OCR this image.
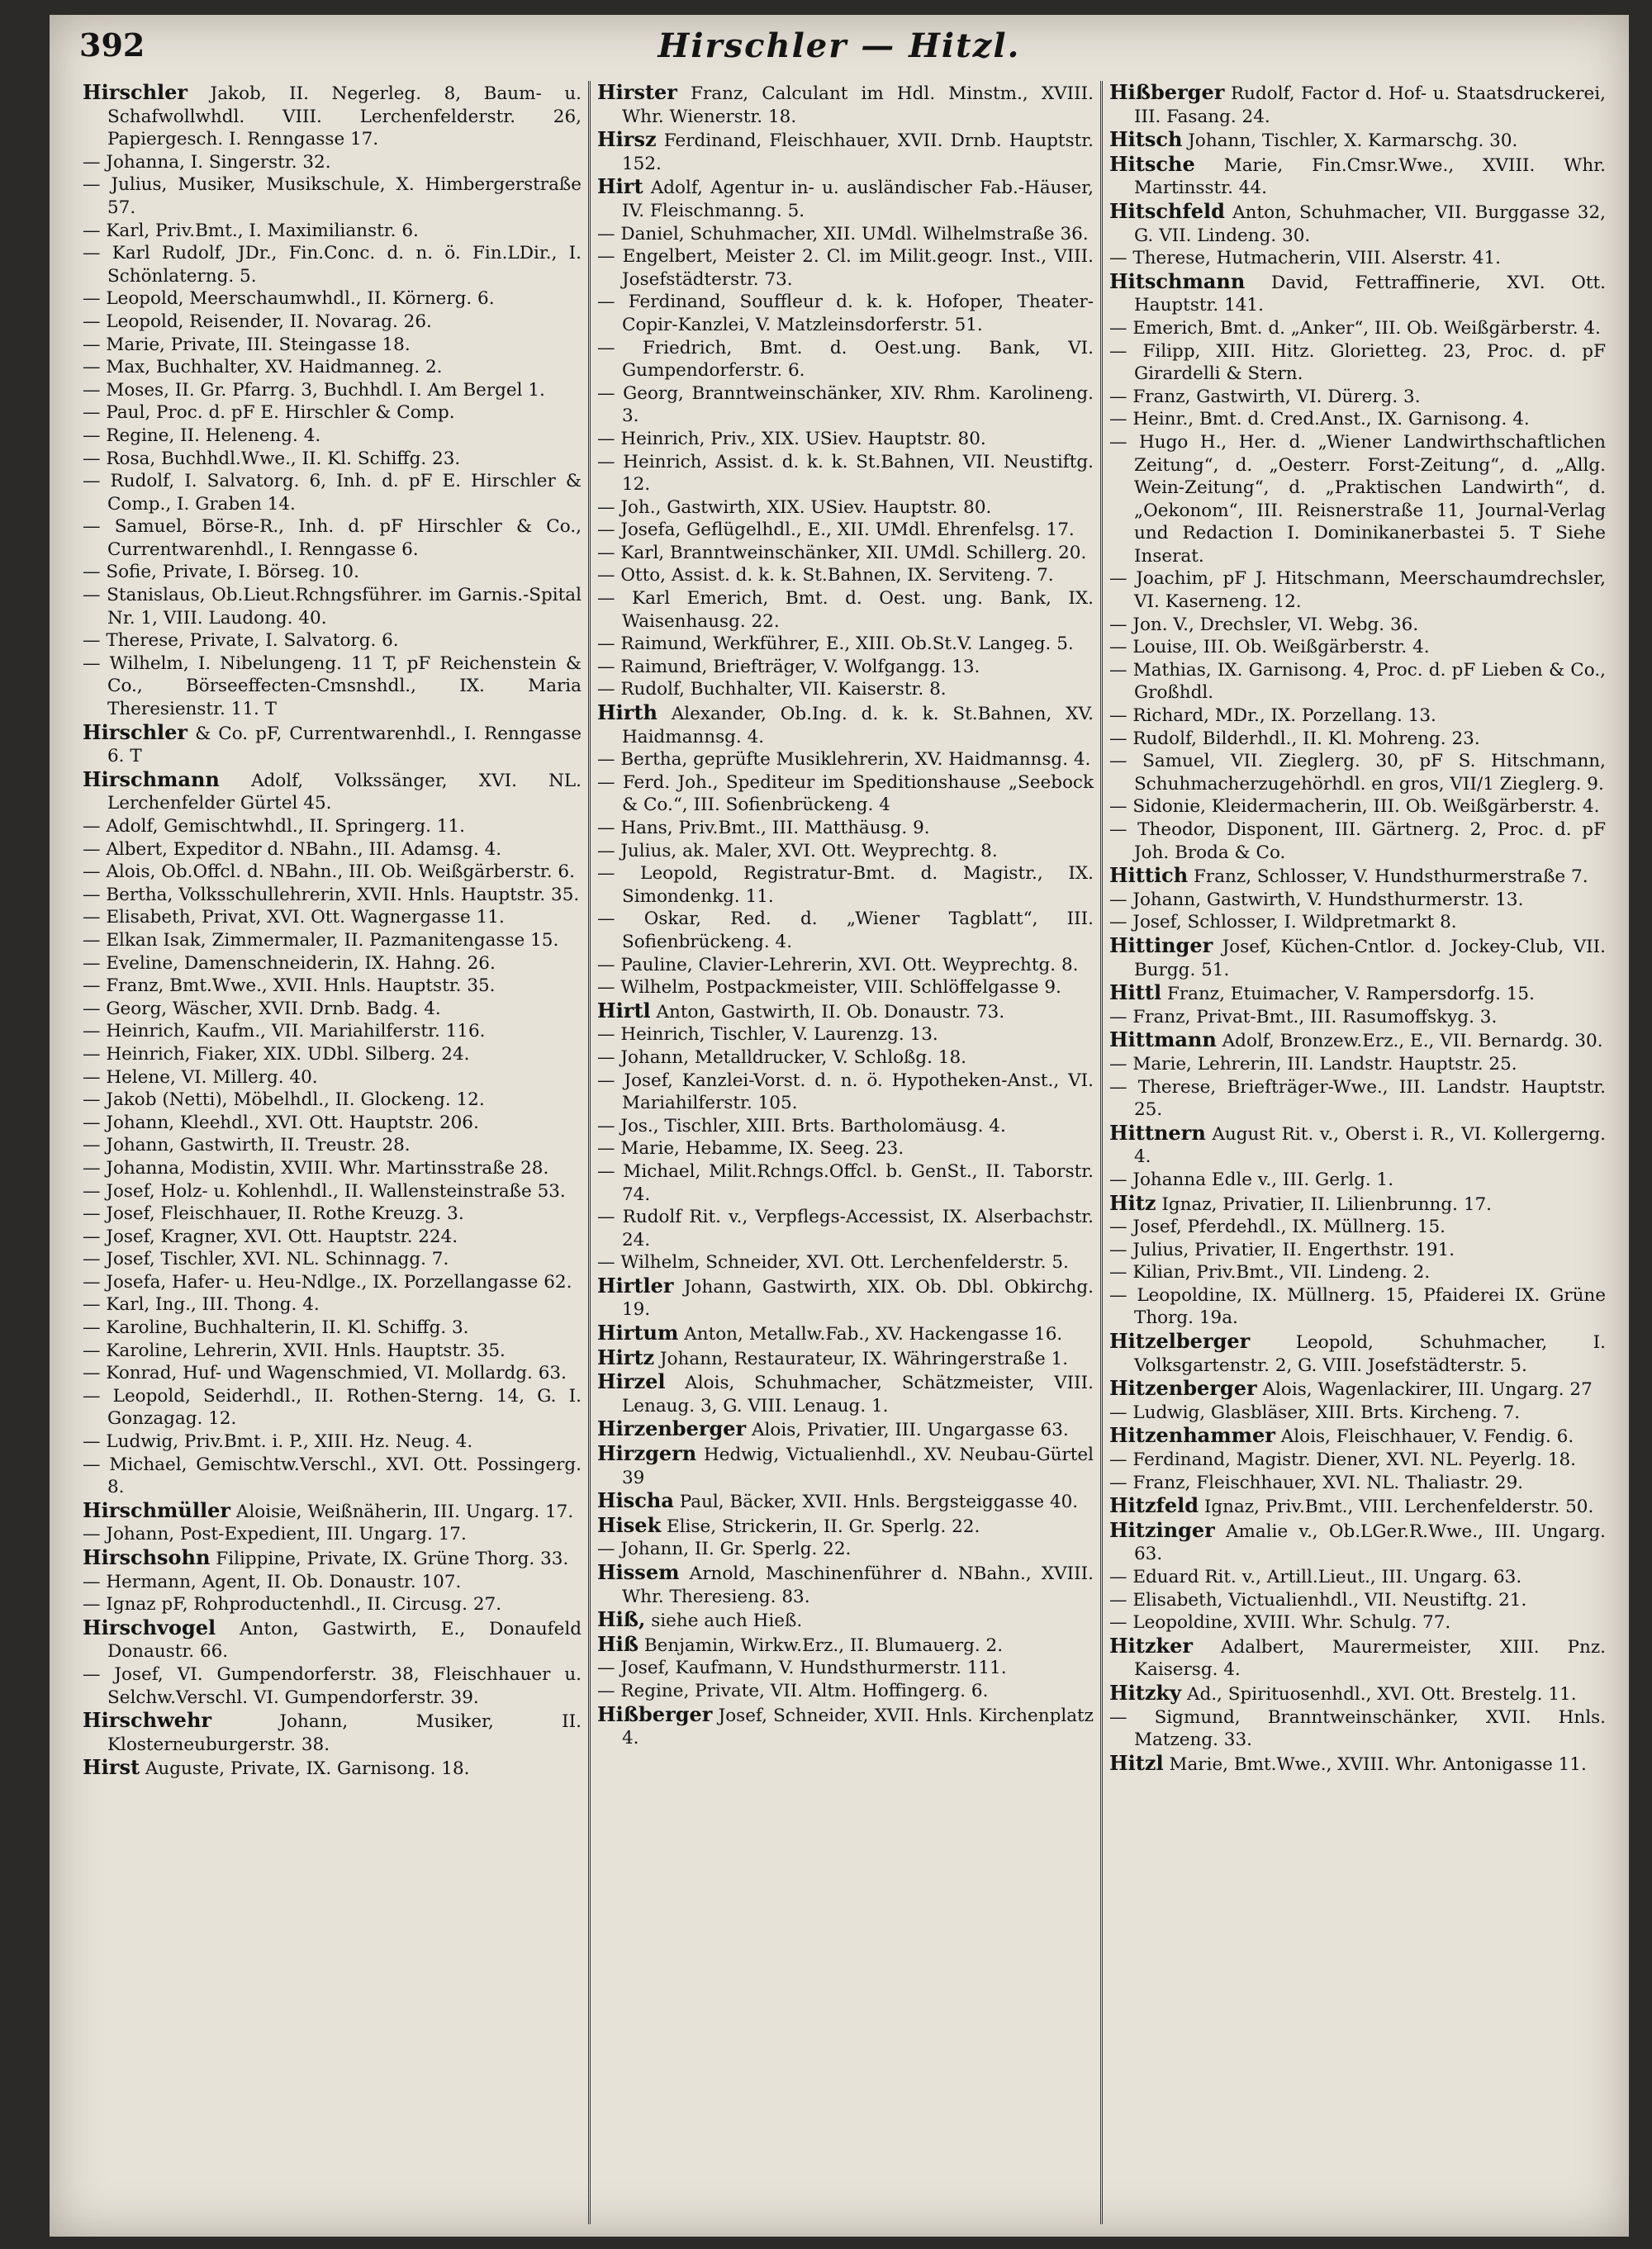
392	Hirschler — Hitzl.

Hirschler Jakob, II. Negerleg. 8, Baum- u. Schafwollwhdl. VIII. Lerchenfelderstr. 26, Papiergesch. I. Renngasse 17.

— Johanna, I. Singerstr. 32.

— Julius, Musiker, Musikschule, X. Himbergerstraße 57.

— Karl, Priv.Bmt., I. Maximilianstr. 6.

— Karl Rudolf, JDr., Fin.Conc. d. n. ö. Fin.LDir., I. Schönlaterng. 5.

— Leopold, Meerschaumwhdl., II. Körnerg. 6.

— Leopold, Reisender, II. Novarag. 26.

— Marie, Private, III. Steingasse 18.

— Max, Buchhalter, XV. Haidmanneg. 2.

— Moses, II. Gr. Pfarrg. 3, Buchhdl. I. Am Bergel 1.

— Paul, Proc. d. pF E. Hirschler & Comp.

— Regine, II. Heleneng. 4.

— Rosa, Buchhdl.Wwe., II. Kl. Schiffg. 23.

— Rudolf, I. Salvatorg. 6, Inh. d. pF E. Hirschler & Comp., I. Graben 14.

— Samuel, Börse-R., Inh. d. pF Hirschler & Co., Currentwarenhdl., I. Renngasse 6.

— Sofie, Private, I. Börseg. 10.

— Stanislaus, Ob.Lieut.Rchngsführer. im Garnis.-Spital Nr. 1, VIII. Laudong. 40.

— Therese, Private, I. Salvatorg. 6.

— Wilhelm, I. Nibelungeng. 11 T, pF Reichenstein & Co., Börseeffecten-Cmsnshdl., IX. Maria Theresienstr. 11. T

Hirschler & Co. pF, Currentwarenhdl., I. Renngasse 6. T

Hirschmann Adolf, Volkssänger, XVI. NL. Lerchenfelder Gürtel 45.

— Adolf, Gemischtwhdl., II. Springerg. 11.

— Albert, Expeditor d. NBahn., III. Adamsg. 4.

— Alois, Ob.Offcl. d. NBahn., III. Ob. Weißgärberstr. 6.

— Bertha, Volksschullehrerin, XVII. Hnls. Hauptstr. 35.

— Elisabeth, Privat, XVI. Ott. Wagnergasse 11.

— Elkan Isak, Zimmermaler, II. Pazmanitengasse 15.

— Eveline, Damenschneiderin, IX. Hahng. 26.

— Franz, Bmt.Wwe., XVII. Hnls. Hauptstr. 35.

— Georg, Wäscher, XVII. Drnb. Badg. 4.

— Heinrich, Kaufm., VII. Mariahilferstr. 116.

— Heinrich, Fiaker, XIX. UDbl. Silberg. 24.

— Helene, VI. Millerg. 40.

— Jakob (Netti), Möbelhdl., II. Glockeng. 12.

— Johann, Kleehdl., XVI. Ott. Hauptstr. 206.

— Johann, Gastwirth, II. Treustr. 28.

— Johanna, Modistin, XVIII. Whr. Martinsstraße 28.

— Josef, Holz- u. Kohlenhdl., II. Wallensteinstraße 53.

— Josef, Fleischhauer, II. Rothe Kreuzg. 3.

— Josef, Kragner, XVI. Ott. Hauptstr. 224.

— Josef, Tischler, XVI. NL. Schinnagg. 7.

— Josefa, Hafer- u. Heu-Ndlge., IX. Porzellangasse 62.

— Karl, Ing., III. Thong. 4.

— Karoline, Buchhalterin, II. Kl. Schiffg. 3.

— Karoline, Lehrerin, XVII. Hnls. Hauptstr. 35.

— Konrad, Huf- und Wagenschmied, VI. Mollardg. 63.

— Leopold, Seiderhdl., II. Rothen-Sterng. 14, G. I. Gonzagag. 12.

— Ludwig, Priv.Bmt. i. P., XIII. Hz. Neug. 4.

— Michael, Gemischtw.Verschl., XVI. Ott. Possingerg. 8.

Hirschmüller Aloisie, Weißnäherin, III. Ungarg. 17.

— Johann, Post-Expedient, III. Ungarg. 17.

Hirschsohn Filippine, Private, IX. Grüne Thorg. 33.

— Hermann, Agent, II. Ob. Donaustr. 107.

— Ignaz pF, Rohproductenhdl., II. Circusg. 27.

Hirschvogel Anton, Gastwirth, E., Donaufeld Donaustr. 66.

— Josef, VI. Gumpendorferstr. 38, Fleischhauer u. Selchw.Verschl. VI. Gumpendorferstr. 39.

Hirschwehr	Johann, Musiker, II. Klosterneuburgerstr. 38.

Hirst Auguste, Private, IX. Garnisong. 18.

Hirster Franz, Calculant im Hdl. Minstm., XVIII. Whr. Wienerstr. 18.

Hirsz Ferdinand, Fleischhauer, XVII. Drnb. Hauptstr. 152.

Hirt Adolf, Agentur in- u. ausländischer Fab.-Häuser, IV. Fleischmanng. 5.

— Daniel, Schuhmacher, XII. UMdl. Wilhelmstraße 36.

— Engelbert, Meister 2. Cl. im Milit.geogr. Inst., VIII. Josefstädterstr. 73.

— Ferdinand, Souffleur d. k. k. Hofoper, Theater-Copir-Kanzlei, V. Matzleinsdorferstr. 51.

— Friedrich, Bmt. d. Oest.ung. Bank, VI. Gumpendorferstr. 6.

— Georg, Branntweinschänker, XIV. Rhm. Karolineng. 3.

— Heinrich, Priv., XIX. USiev. Hauptstr. 80.

— Heinrich, Assist. d. k. k. St.Bahnen, VII. Neustiftg. 12.

— Joh., Gastwirth, XIX. USiev. Hauptstr. 80.

— Josefa, Geflügelhdl., E., XII. UMdl. Ehrenfelsg. 17.

— Karl, Branntweinschänker, XII. UMdl. Schillerg. 20.

— Otto, Assist. d. k. k. St.Bahnen, IX. Serviteng. 7.

— Karl Emerich, Bmt. d. Oest. ung. Bank, IX. Waisenhausg. 22.

— Raimund, Werkführer, E., XIII. Ob.St.V. Langeg. 5.

— Raimund, Briefträger, V. Wolfgangg. 13.

— Rudolf, Buchhalter, VII. Kaiserstr. 8.

Hirth Alexander, Ob.Ing. d. k. k. St.Bahnen, XV. Haidmannsg. 4.

— Bertha, geprüfte Musiklehrerin, XV. Haidmannsg. 4.

— Ferd. Joh., Spediteur im Speditionshause „Seebock & Co.“, III. Sofienbrückeng. 4

— Hans, Priv.Bmt., III. Matthäusg. 9.

— Julius, ak. Maler, XVI. Ott. Weyprechtg. 8.

— Leopold, Registratur-Bmt. d. Magistr., IX. Simondenkg. 11.

— Oskar, Red. d. „Wiener Tagblatt“, III. Sofienbrückeng. 4.

— Pauline, Clavier-Lehrerin, XVI. Ott. Weyprechtg. 8.

— Wilhelm, Postpackmeister, VIII. Schlöffelgasse 9.

Hirtl Anton, Gastwirth, II. Ob. Donaustr. 73.

— Heinrich, Tischler, V. Laurenzg. 13.

— Johann, Metalldrucker, V. Schloßg. 18.

— Josef, Kanzlei-Vorst. d. n. ö. Hypotheken-Anst., VI. Mariahilferstr. 105.

— Jos., Tischler, XIII. Brts. Bartholomäusg. 4.

— Marie, Hebamme, IX. Seeg. 23.

— Michael, Milit.Rchngs.Offcl. b. GenSt., II. Taborstr. 74.

— Rudolf Rit. v., Verpflegs-Accessist, IX. Alserbachstr. 24.

— Wilhelm, Schneider, XVI. Ott. Lerchenfelderstr. 5.

Hirtler Johann, Gastwirth, XIX. Ob. Dbl. Obkirchg. 19.

Hirtum Anton, Metallw.Fab., XV. Hackengasse 16.

Hirtz Johann, Restaurateur, IX. Währingerstraße 1.

Hirzel Alois, Schuhmacher, Schätzmeister, VIII. Lenaug. 3, G. VIII. Lenaug. 1.

Hirzenberger Alois, Privatier, III. Ungargasse 63.

Hirzgern Hedwig, Victualienhdl., XV. Neubau-Gürtel 39

Hischa Paul, Bäcker, XVII. Hnls. Bergsteiggasse 40.

Hisek Elise, Strickerin, II. Gr. Sperlg. 22.

— Johann, II. Gr. Sperlg. 22.

Hissem Arnold, Maschinenführer d. NBahn., XVIII. Whr. Theresieng. 83.

Hiß, siehe auch Hieß.

Hiß Benjamin, Wirkw.Erz., II. Blumauerg. 2.

— Josef, Kaufmann, V. Hundsthurmerstr. 111.

— Regine, Private, VII. Altm. Hoffingerg. 6.

Hißberger Josef, Schneider, XVII. Hnls. Kirchenplatz 4.

Hißberger Rudolf, Factor d. Hof- u. Staatsdruckerei, III. Fasang. 24.

Hitsch Johann, Tischler, X. Karmarschg. 30.

Hitsche Marie, Fin.Cmsr.Wwe., XVIII. Whr. Martinsstr. 44.

Hitschfeld Anton, Schuhmacher, VII. Burggasse 32, G. VII. Lindeng. 30.

— Therese, Hutmacherin, VIII. Alserstr. 41.

Hitschmann David, Fettraffinerie, XVI. Ott. Hauptstr. 141.

— Emerich, Bmt. d. „Anker“, III. Ob. Weißgärberstr. 4.

— Filipp, XIII. Hitz. Glorietteg. 23, Proc. d. pF Girardelli & Stern.

— Franz, Gastwirth, VI. Dürerg. 3.

— Heinr., Bmt. d. Cred.Anst., IX. Garnisong. 4.

— Hugo H., Her. d. „Wiener Landwirthschaftlichen Zeitung“, d. „Oesterr. Forst-Zeitung“, d. „Allg. Wein-Zeitung“, d. „Praktischen Landwirth“, d. „Oekonom“, III. Reisnerstraße 11, Journal-Verlag und Redaction I. Dominikanerbastei 5. T Siehe Inserat.

— Joachim, pF J. Hitschmann, Meerschaumdrechsler, VI. Kaserneng. 12.

— Jon. V., Drechsler, VI. Webg. 36.

— Louise, III. Ob. Weißgärberstr. 4.

— Mathias, IX. Garnisong. 4, Proc. d. pF Lieben & Co., Großhdl.

— Richard, MDr., IX. Porzellang. 13.

— Rudolf, Bilderhdl., II. Kl. Mohreng. 23.

— Samuel, VII. Zieglerg. 30, pF S. Hitschmann, Schuhmacherzugehörhdl. en gros, VII/1 Zieglerg. 9.

— Sidonie, Kleidermacherin, III. Ob. Weißgärberstr. 4.

— Theodor, Disponent, III. Gärtnerg. 2, Proc. d. pF Joh. Broda & Co.

Hittich Franz, Schlosser, V. Hundsthurmerstraße 7.

— Johann, Gastwirth, V. Hundsthurmerstr. 13.

— Josef, Schlosser, I. Wildpretmarkt 8.

Hittinger Josef, Küchen-Cntlor. d. Jockey-Club, VII. Burgg. 51.

Hittl Franz, Etuimacher, V. Rampersdorfg. 15.

— Franz, Privat-Bmt., III. Rasumoffskyg. 3.

Hittmann Adolf, Bronzew.Erz., E., VII. Bernardg. 30.

— Marie, Lehrerin, III. Landstr. Hauptstr. 25.

— Therese, Briefträger-Wwe., III. Landstr. Hauptstr. 25.

Hittnern August Rit. v., Oberst i. R., VI. Kollergerng. 4.

— Johanna Edle v., III. Gerlg. 1.

Hitz Ignaz, Privatier, II. Lilienbrunng. 17.

— Josef, Pferdehdl., IX. Müllnerg. 15.

— Julius, Privatier, II. Engerthstr. 191.

— Kilian, Priv.Bmt., VII. Lindeng. 2.

— Leopoldine, IX. Müllnerg. 15, Pfaiderei IX. Grüne Thorg. 19a.

Hitzelberger	Leopold, Schuhmacher, I. Volksgartenstr. 2, G. VIII. Josefstädterstr. 5.

Hitzenberger Alois, Wagenlackirer, III. Ungarg. 27

— Ludwig, Glasbläser, XIII. Brts. Kircheng. 7.

Hitzenhammer Alois, Fleischhauer, V. Fendig. 6.

— Ferdinand, Magistr. Diener, XVI. NL. Peyerlg. 18.

— Franz, Fleischhauer, XVI. NL. Thaliastr. 29.

Hitzfeld Ignaz, Priv.Bmt., VIII. Lerchenfelderstr. 50.

Hitzinger Amalie v., Ob.LGer.R.Wwe., III. Ungarg. 63.

— Eduard Rit. v., Artill.Lieut., III. Ungarg. 63.

— Elisabeth, Victualienhdl., VII. Neustiftg. 21.

— Leopoldine, XVIII. Whr. Schulg. 77.

Hitzker Adalbert, Maurermeister, XIII. Pnz. Kaisersg. 4.

Hitzky Ad., Spirituosenhdl., XVI. Ott. Brestelg. 11.

— Sigmund, Branntweinschänker, XVII. Hnls. Matzeng. 33.

Hitzl Marie, Bmt.Wwe., XVIII. Whr. Antonigasse 11.
